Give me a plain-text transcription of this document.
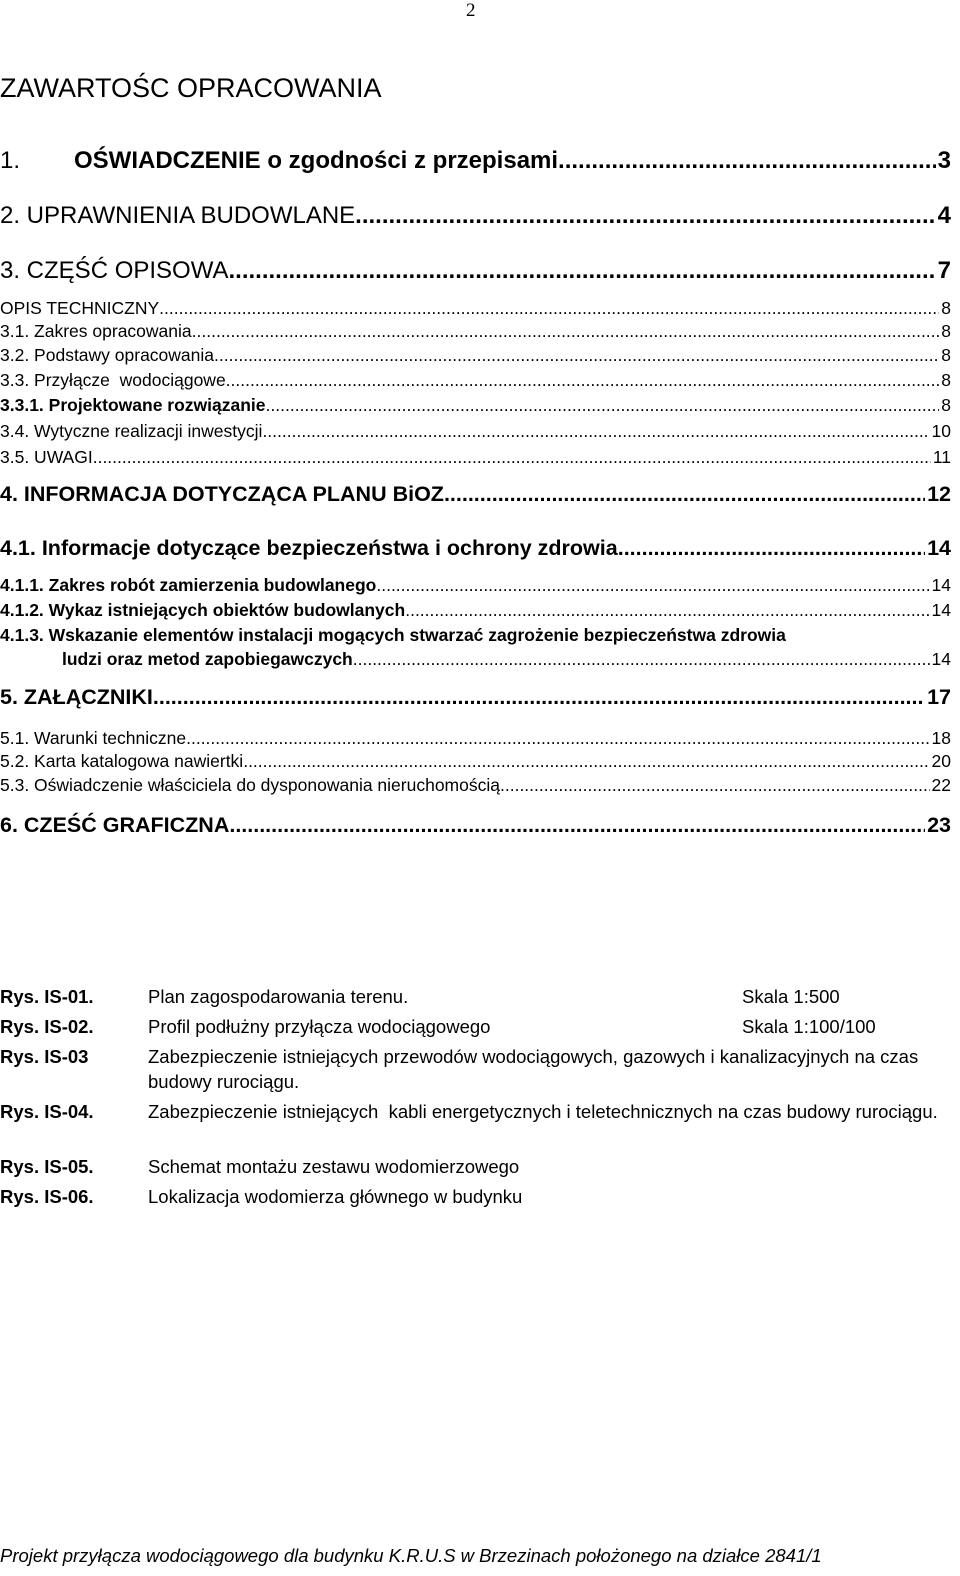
2
ZAWARTOŚC OPRACOWANIA
1.	OŚWIADCZENIE o zgodności z przepisami .....	3
2. UPRAWNIENIA BUDOWLANE .....	4
3. CZĘŚĆ OPISOWA .....	7
OPIS TECHNICZNY .....	8
3.1. Zakres opracowania .....	8
3.2. Podstawy opracowania .....	8
3.3. Przyłącze  wodociągowe .....	8
3.3.1. Projektowane rozwiązanie .....	8
3.4. Wytyczne realizacji inwestycji .....	10
3.5. UWAGI .....	11
4. INFORMACJA DOTYCZĄCA PLANU BiOZ .....	12
4.1. Informacje dotyczące bezpieczeństwa i ochrony zdrowia .....	14
4.1.1. Zakres robót zamierzenia budowlanego .....	14
4.1.2. Wykaz istniejących obiektów budowlanych .....	14
4.1.3. Wskazanie elementów instalacji mogących stwarzać zagrożenie bezpieczeństwa zdrowia
ludzi oraz metod zapobiegawczych .....	14
5. ZAŁĄCZNIKI .....	17
5.1. Warunki techniczne .....	18
5.2. Karta katalogowa nawiertki .....	20
5.3. Oświadczenie właściciela do dysponowania nieruchomością .....	22
6. CZEŚĆ GRAFICZNA .....	23
Rys. IS-01.	Plan zagospodarowania terenu.	Skala 1:500
Rys. IS-02.	Profil podłużny przyłącza wodociągowego	Skala 1:100/100
Rys. IS-03	Zabezpieczenie istniejących przewodów wodociągowych, gazowych i kanalizacyjnych na czas budowy rurociągu.
Rys. IS-04.	Zabezpieczenie istniejących  kabli energetycznych i teletechnicznych na czas budowy rurociągu.
Rys. IS-05.	Schemat montażu zestawu wodomierzowego
Rys. IS-06.	Lokalizacja wodomierza głównego w budynku
Projekt przyłącza wodociągowego dla budynku K.R.U.S w Brzezinach położonego na działce 2841/1
